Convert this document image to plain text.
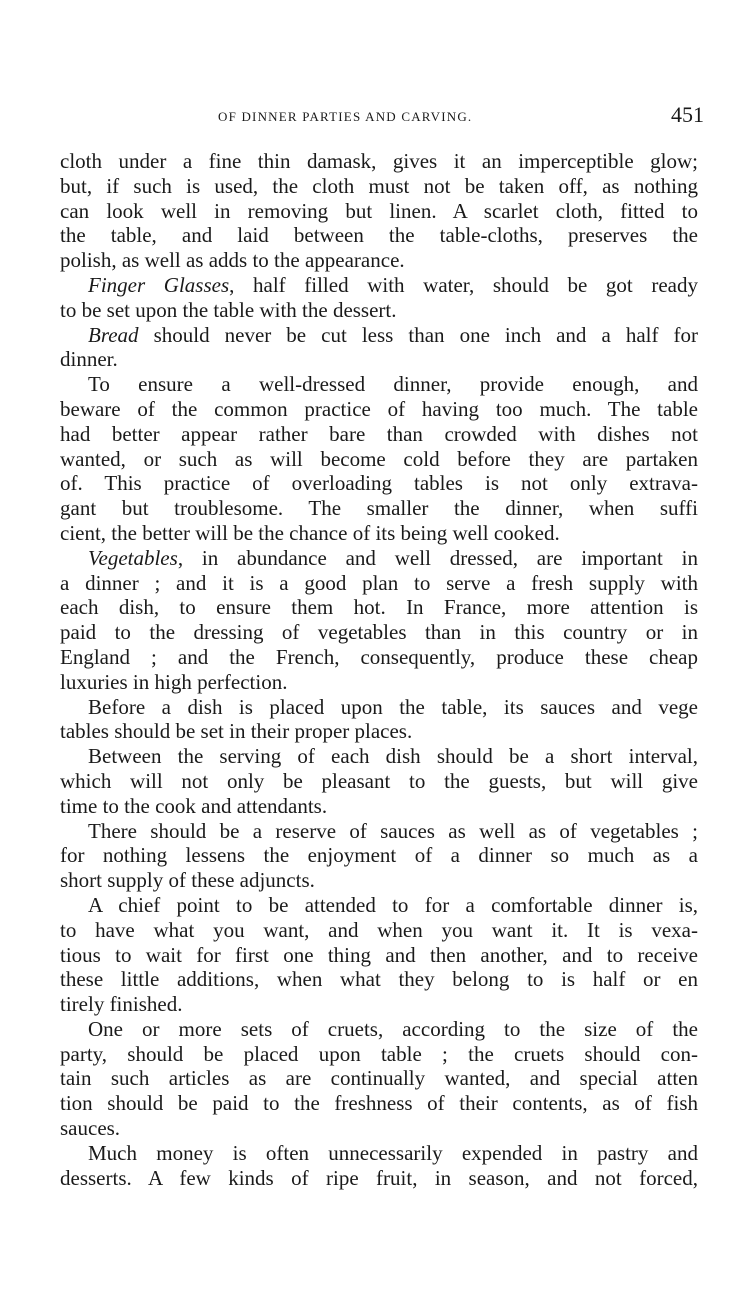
OF DINNER PARTIES AND CARVING.	451
cloth under a fine thin damask, gives it an imperceptible glow;
but, if such is used, the cloth must not be taken off, as nothing
can look well in removing but linen. A scarlet cloth, fitted to
the table, and laid between the table-cloths, preserves the
polish, as well as adds to the appearance.
Finger Glasses, half filled with water, should be got ready
to be set upon the table with the dessert.
Bread should never be cut less than one inch and a half for
dinner.
To ensure a well-dressed dinner, provide enough, and
beware of the common practice of having too much. The table
had better appear rather bare than crowded with dishes not
wanted, or such as will become cold before they are partaken
of. This practice of overloading tables is not only extrava-
gant but troublesome. The smaller the dinner, when suffi
cient, the better will be the chance of its being well cooked.
Vegetables, in abundance and well dressed, are important in
a dinner ; and it is a good plan to serve a fresh supply with
each dish, to ensure them hot. In France, more attention is
paid to the dressing of vegetables than in this country or in
England ; and the French, consequently, produce these cheap
luxuries in high perfection.
Before a dish is placed upon the table, its sauces and vege
tables should be set in their proper places.
Between the serving of each dish should be a short interval,
which will not only be pleasant to the guests, but will give
time to the cook and attendants.
There should be a reserve of sauces as well as of vegetables ;
for nothing lessens the enjoyment of a dinner so much as a
short supply of these adjuncts.
A chief point to be attended to for a comfortable dinner is,
to have what you want, and when you want it. It is vexa-
tious to wait for first one thing and then another, and to receive
these little additions, when what they belong to is half or en
tirely finished.
One or more sets of cruets, according to the size of the
party, should be placed upon table ; the cruets should con-
tain such articles as are continually wanted, and special atten
tion should be paid to the freshness of their contents, as of fish
sauces.
Much money is often unnecessarily expended in pastry and
desserts. A few kinds of ripe fruit, in season, and not forced,
